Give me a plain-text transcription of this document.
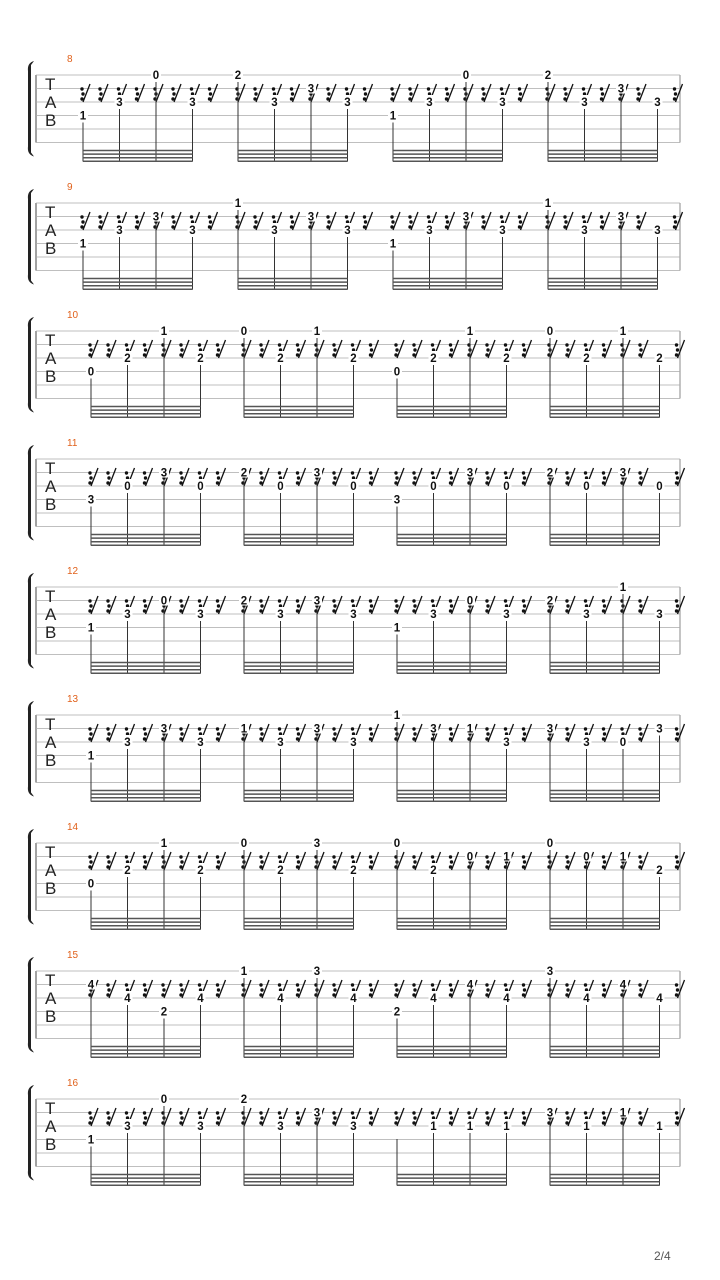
8
T
A
B 1
3
0
3
2
3
3
3
1
3
0
3
2
3
3
3
9
T
A
B 1
3
3
3
1
3
3
3
1
3
3
3
1
3
3
3
10
T
A
B	0
2
1
2
0
2
1
2
0
2
1
2
0
2
1
2
11
T
A
B	3
0
3
0
2
0
3
0
3
0
3
0
2
0
3
0
12
T
A
B	1
3
0
3
2
3
3
3
1
3
0
3
2
3
1
3
13
T
A
B	1
3
3
3
1
3
3
3
1
3	1
3
3
3	0
3
14
T
A
B	0
2
1
2
0
2
3
2
0
2
0	1
0
0	1
2
15
T
A
B
4
4
2
4
1
4
3
4
2
4
4
4
3
4
4
4
16
T
A
B	1
3
0
3
2
3
3
3	1	1	1
3
1
1
1
2/4
